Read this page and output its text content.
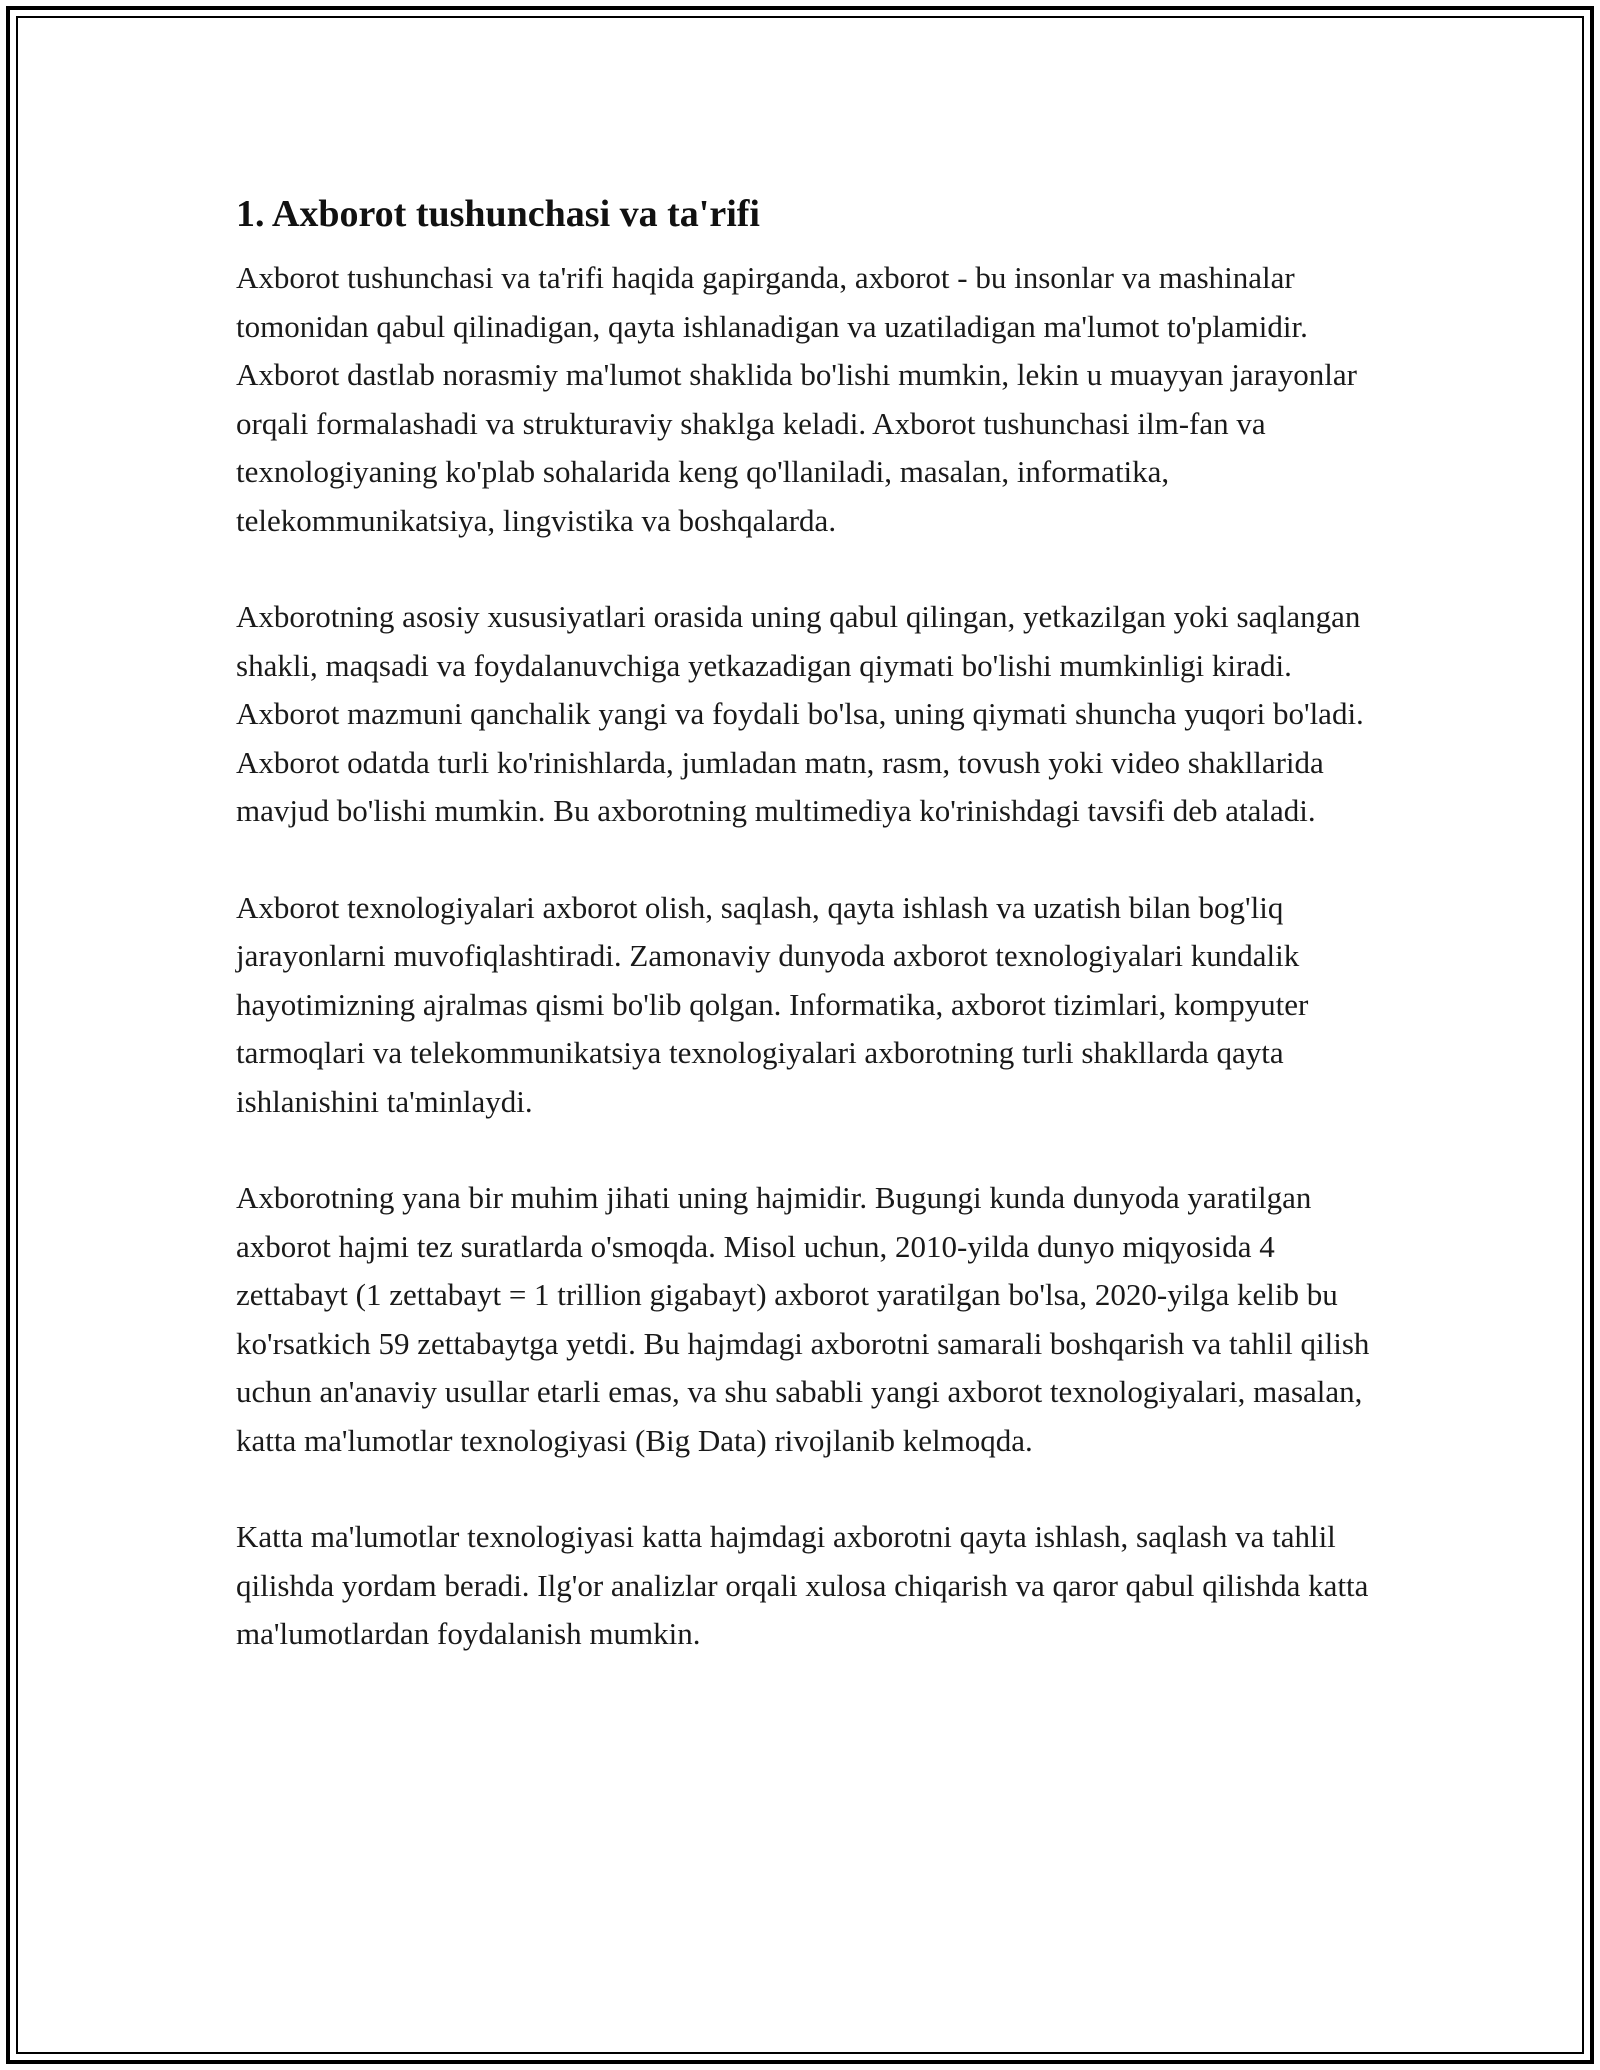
1. Axborot tushunchasi va ta'rifi

Axborot tushunchasi va ta'rifi haqida gapirganda, axborot - bu insonlar va mashinalar tomonidan qabul qilinadigan, qayta ishlanadigan va uzatiladigan ma'lumot to'plamidir. Axborot dastlab norasmiy ma'lumot shaklida bo'lishi mumkin, lekin u muayyan jarayonlar orqali formalashadi va strukturaviy shaklga keladi. Axborot tushunchasi ilm-fan va texnologiyaning ko'plab sohalarida keng qo'llaniladi, masalan, informatika, telekommunikatsiya, lingvistika va boshqalarda.

Axborotning asosiy xususiyatlari orasida uning qabul qilingan, yetkazilgan yoki saqlangan shakli, maqsadi va foydalanuvchiga yetkazadigan qiymati bo'lishi mumkinligi kiradi. Axborot mazmuni qanchalik yangi va foydali bo'lsa, uning qiymati shuncha yuqori bo'ladi. Axborot odatda turli ko'rinishlarda, jumladan matn, rasm, tovush yoki video shakllarida mavjud bo'lishi mumkin. Bu axborotning multimediya ko'rinishdagi tavsifi deb ataladi.

Axborot texnologiyalari axborot olish, saqlash, qayta ishlash va uzatish bilan bog'liq jarayonlarni muvofiqlashtiradi. Zamonaviy dunyoda axborot texnologiyalari kundalik hayotimizning ajralmas qismi bo'lib qolgan. Informatika, axborot tizimlari, kompyuter tarmoqlari va telekommunikatsiya texnologiyalari axborotning turli shakllarda qayta ishlanishini ta'minlaydi.

Axborotning yana bir muhim jihati uning hajmidir. Bugungi kunda dunyoda yaratilgan axborot hajmi tez suratlarda o'smoqda. Misol uchun, 2010-yilda dunyo miqyosida 4 zettabayt (1 zettabayt = 1 trillion gigabayt) axborot yaratilgan bo'lsa, 2020-yilga kelib bu ko'rsatkich 59 zettabaytga yetdi. Bu hajmdagi axborotni samarali boshqarish va tahlil qilish uchun an'anaviy usullar etarli emas, va shu sababli yangi axborot texnologiyalari, masalan, katta ma'lumotlar texnologiyasi (Big Data) rivojlanib kelmoqda.

Katta ma'lumotlar texnologiyasi katta hajmdagi axborotni qayta ishlash, saqlash va tahlil qilishda yordam beradi. Ilg'or analizlar orqali xulosa chiqarish va qaror qabul qilishda katta ma'lumotlardan foydalanish mumkin.
